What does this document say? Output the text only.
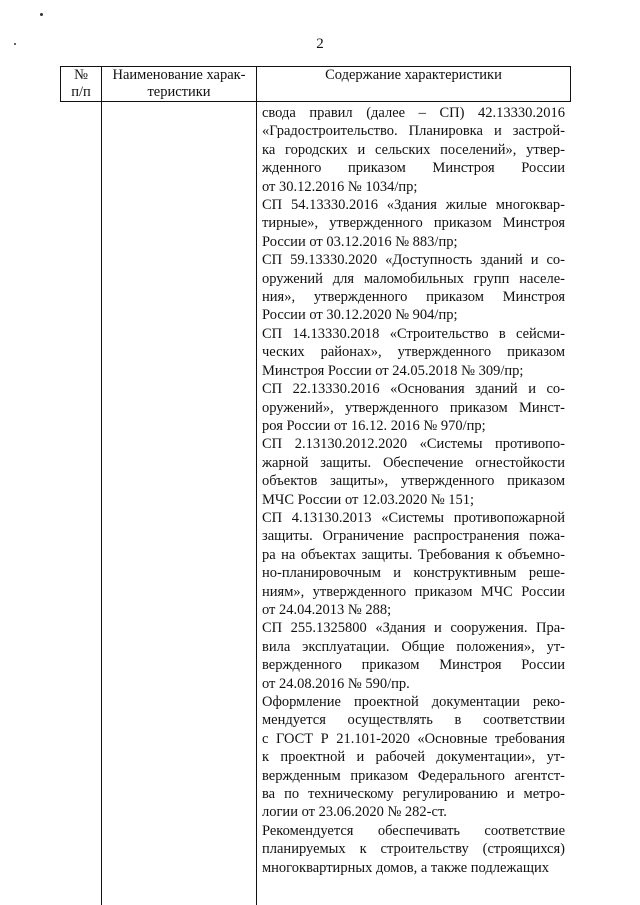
2
№
п/п
Наименование харак-
теристики
Содержание характеристики
свода правил (далее – СП) 42.13330.2016
«Градостроительство. Планировка и застрой-
ка городских и сельских поселений», утвер-
жденного приказом Минстроя России
от 30.12.2016 № 1034/пр;
СП 54.13330.2016 «Здания жилые многоквар-
тирные», утвержденного приказом Минстроя
России от 03.12.2016 № 883/пр;
СП 59.13330.2020 «Доступность зданий и со-
оружений для маломобильных групп населе-
ния», утвержденного приказом Минстроя
России от 30.12.2020 № 904/пр;
СП 14.13330.2018 «Строительство в сейсми-
ческих районах», утвержденного приказом
Минстроя России от 24.05.2018 № 309/пр;
СП 22.13330.2016 «Основания зданий и со-
оружений», утвержденного приказом Минст-
роя России от 16.12. 2016 № 970/пр;
СП 2.13130.2012.2020 «Системы противопо-
жарной защиты. Обеспечение огнестойкости
объектов защиты», утвержденного приказом
МЧС России от 12.03.2020 № 151;
СП 4.13130.2013 «Системы противопожарной
защиты. Ограничение распространения пожа-
ра на объектах защиты. Требования к объемно-
но-планировочным и конструктивным реше-
ниям», утвержденного приказом МЧС России
от 24.04.2013 № 288;
СП 255.1325800 «Здания и сооружения. Пра-
вила эксплуатации. Общие положения», ут-
вержденного приказом Минстроя России
от 24.08.2016 № 590/пр.
Оформление проектной документации реко-
мендуется осуществлять в соответствии
с ГОСТ Р 21.101-2020 «Основные требования
к проектной и рабочей документации», ут-
вержденным приказом Федерального агентст-
ва по техническому регулированию и метро-
логии от 23.06.2020 № 282-ст.
Рекомендуется обеспечивать соответствие
планируемых к строительству (строящихся)
многоквартирных домов, а также подлежащих
